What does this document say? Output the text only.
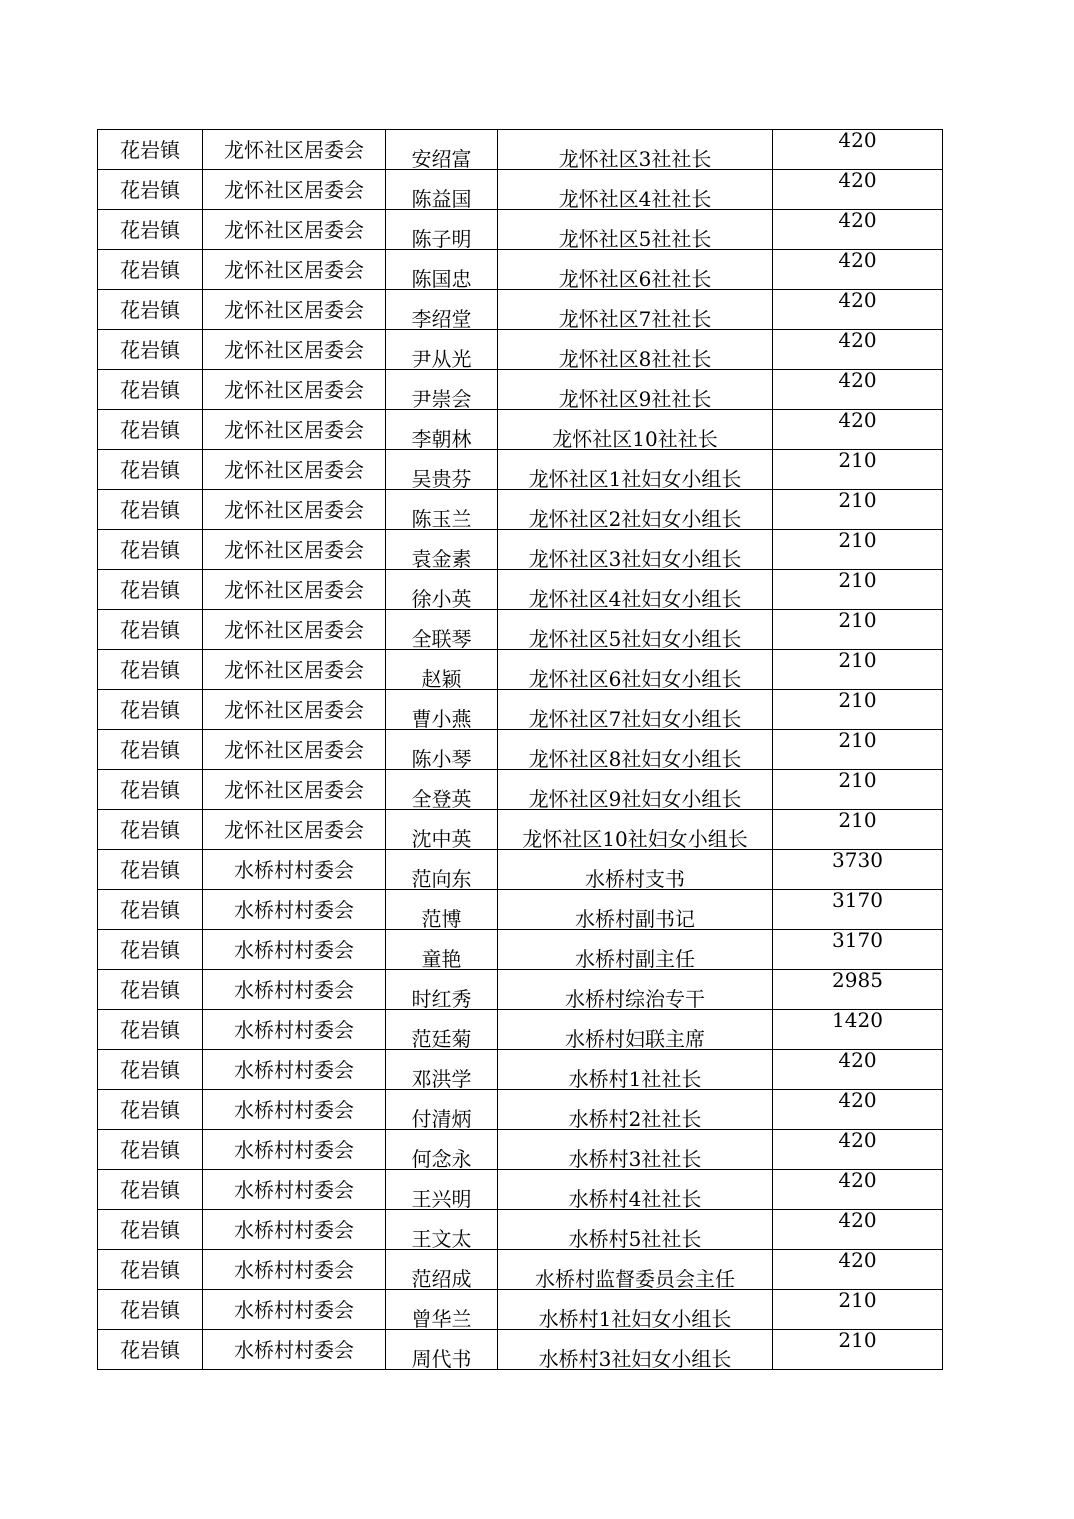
花岩镇	龙怀社区居委会	安绍富	龙怀社区3社社长	420
花岩镇	龙怀社区居委会	陈益国	龙怀社区4社社长	420
花岩镇	龙怀社区居委会	陈子明	龙怀社区5社社长	420
花岩镇	龙怀社区居委会	陈国忠	龙怀社区6社社长	420
花岩镇	龙怀社区居委会	李绍堂	龙怀社区7社社长	420
花岩镇	龙怀社区居委会	尹从光	龙怀社区8社社长	420
花岩镇	龙怀社区居委会	尹崇会	龙怀社区9社社长	420
花岩镇	龙怀社区居委会	李朝林	龙怀社区10社社长	420
花岩镇	龙怀社区居委会	吴贵芬	龙怀社区1社妇女小组长	210
花岩镇	龙怀社区居委会	陈玉兰	龙怀社区2社妇女小组长	210
花岩镇	龙怀社区居委会	袁金素	龙怀社区3社妇女小组长	210
花岩镇	龙怀社区居委会	徐小英	龙怀社区4社妇女小组长	210
花岩镇	龙怀社区居委会	全联琴	龙怀社区5社妇女小组长	210
花岩镇	龙怀社区居委会	赵颖	龙怀社区6社妇女小组长	210
花岩镇	龙怀社区居委会	曹小燕	龙怀社区7社妇女小组长	210
花岩镇	龙怀社区居委会	陈小琴	龙怀社区8社妇女小组长	210
花岩镇	龙怀社区居委会	全登英	龙怀社区9社妇女小组长	210
花岩镇	龙怀社区居委会	沈中英	龙怀社区10社妇女小组长	210
花岩镇	水桥村村委会	范向东	水桥村支书	3730
花岩镇	水桥村村委会	范博	水桥村副书记	3170
花岩镇	水桥村村委会	童艳	水桥村副主任	3170
花岩镇	水桥村村委会	时红秀	水桥村综治专干	2985
花岩镇	水桥村村委会	范廷菊	水桥村妇联主席	1420
花岩镇	水桥村村委会	邓洪学	水桥村1社社长	420
花岩镇	水桥村村委会	付清炳	水桥村2社社长	420
花岩镇	水桥村村委会	何念永	水桥村3社社长	420
花岩镇	水桥村村委会	王兴明	水桥村4社社长	420
花岩镇	水桥村村委会	王文太	水桥村5社社长	420
花岩镇	水桥村村委会	范绍成	水桥村监督委员会主任	420
花岩镇	水桥村村委会	曾华兰	水桥村1社妇女小组长	210
花岩镇	水桥村村委会	周代书	水桥村3社妇女小组长	210
